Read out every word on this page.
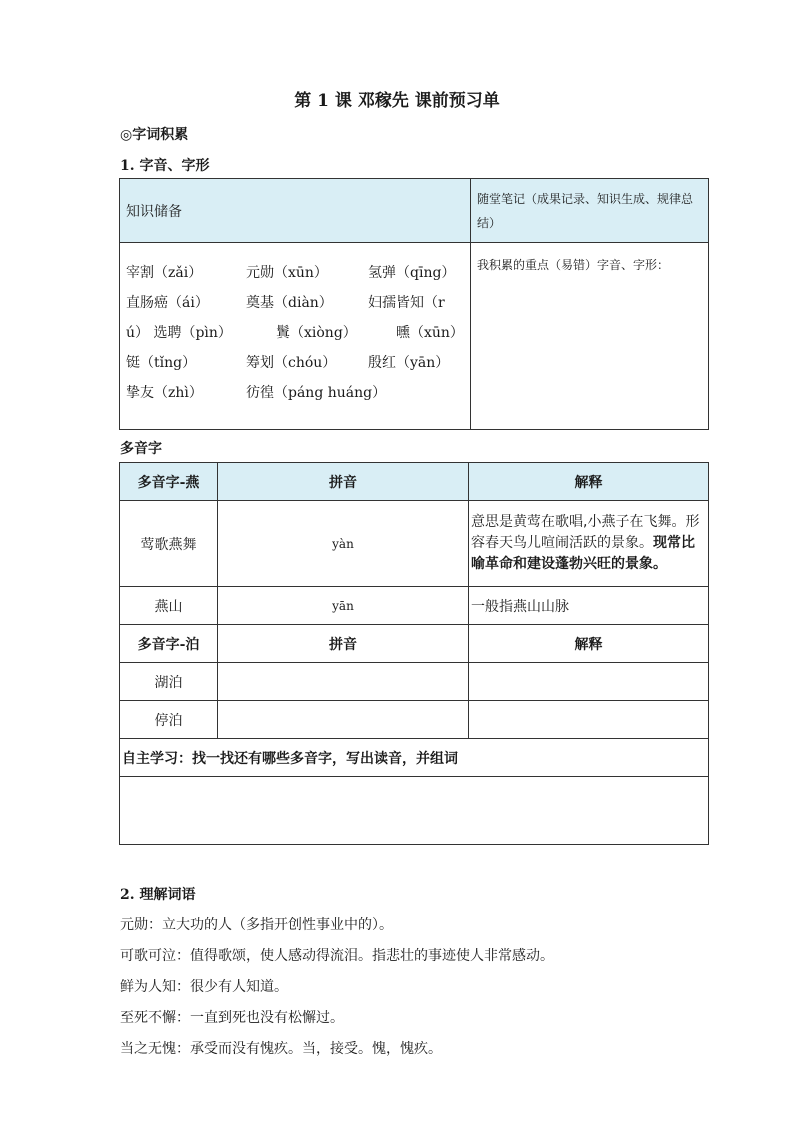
第 1 课 邓稼先 课前预习单
◎字词积累
1. 字音、字形
知识储备	随堂笔记（成果记录、知识生成、规律总结）

宰割（zǎi） 元勋（xūn） 氢弹（qīng）
直肠癌（ái） 奠基（diàn） 妇孺皆知（r
ú） 选聘（pìn） 鬒（xiòng） 曛（xūn）
铤（tǐng） 筹划（chóu） 殷红（yān）
挚友（zhì） 彷徨（páng huáng）	我积累的重点（易错）字音、字形：
多音字
多音字-燕	拼音	解释
莺歌燕舞	yàn	意思是黄莺在歌唱,小燕子在飞舞。形容春天鸟儿喧闹活跃的景象。现常比喻革命和建设蓬勃兴旺的景象。
燕山	yān	一般指燕山山脉
多音字-泊	拼音	解释
湖泊		
停泊		
自主学习：找一找还有哪些多音字，写出读音，并组词		

2. 理解词语

元勋：立大功的人（多指开创性事业中的）。

可歌可泣：值得歌颂，使人感动得流泪。指悲壮的事迹使人非常感动。

鲜为人知：很少有人知道。

至死不懈：一直到死也没有松懈过。

当之无愧：承受而没有愧疚。当，接受。愧，愧疚。
